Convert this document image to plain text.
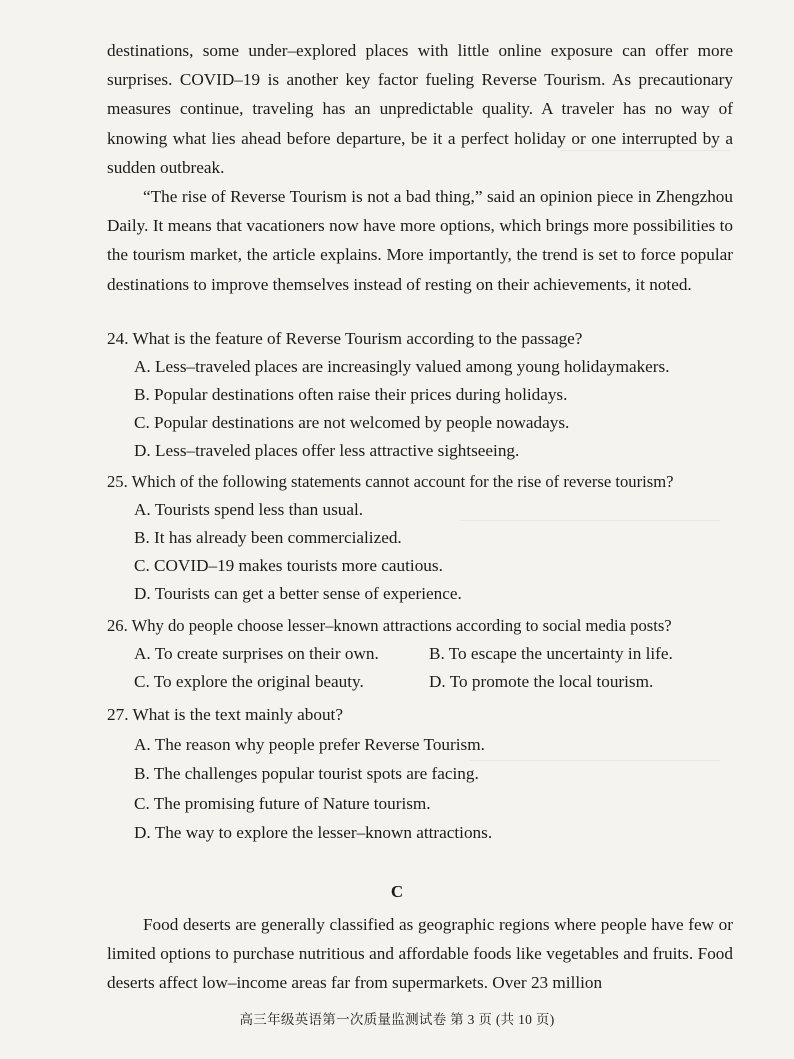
destinations, some under–explored places with little online exposure can offer more surprises. COVID–19 is another key factor fueling Reverse Tourism. As precautionary measures continue, traveling has an unpredictable quality. A traveler has no way of knowing what lies ahead before departure, be it a perfect holiday or one interrupted by a sudden outbreak.

“The rise of Reverse Tourism is not a bad thing,” said an opinion piece in Zhengzhou Daily. It means that vacationers now have more options, which brings more possibilities to the tourism market, the article explains. More importantly, the trend is set to force popular destinations to improve themselves instead of resting on their achievements, it noted.

24. What is the feature of Reverse Tourism according to the passage?

A. Less–traveled places are increasingly valued among young holidaymakers.

B. Popular destinations often raise their prices during holidays.

C. Popular destinations are not welcomed by people nowadays.

D. Less–traveled places offer less attractive sightseeing.

25. Which of the following statements cannot account for the rise of reverse tourism?

A. Tourists spend less than usual.

B. It has already been commercialized.

C. COVID–19 makes tourists more cautious.

D. Tourists can get a better sense of experience.

26. Why do people choose lesser–known attractions according to social media posts?

A. To create surprises on their own.	B. To escape the uncertainty in life.

C. To explore the original beauty.	D. To promote the local tourism.

27. What is the text mainly about?

A. The reason why people prefer Reverse Tourism.

B. The challenges popular tourist spots are facing.

C. The promising future of Nature tourism.

D. The way to explore the lesser–known attractions.

C

Food deserts are generally classified as geographic regions where people have few or limited options to purchase nutritious and affordable foods like vegetables and fruits. Food deserts affect low–income areas far from supermarkets. Over 23 million

高三年级英语第一次质量监测试卷 第 3 页 (共 10 页)
